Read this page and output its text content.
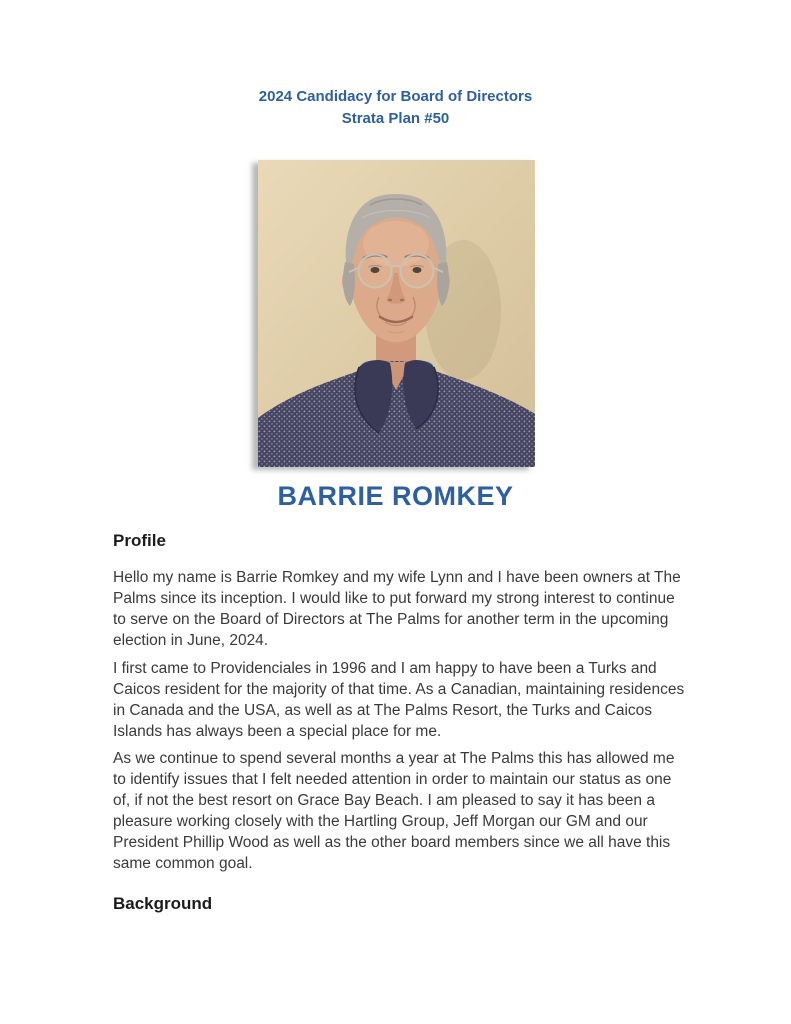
2024 Candidacy for Board of Directors
Strata Plan #50
BARRIE ROMKEY
Profile

Hello my name is Barrie Romkey and my wife Lynn and I have been owners at The Palms since its inception. I would like to put forward my strong interest to continue to serve on the Board of Directors at The Palms for another term in the upcoming election in June, 2024.

I first came to Providenciales in 1996 and I am happy to have been a Turks and Caicos resident for the majority of that time. As a Canadian, maintaining residences in Canada and the USA, as well as at The Palms Resort, the Turks and Caicos Islands has always been a special place for me.

As we continue to spend several months a year at The Palms this has allowed me to identify issues that I felt needed attention in order to maintain our status as one of, if not the best resort on Grace Bay Beach. I am pleased to say it has been a pleasure working closely with the Hartling Group, Jeff Morgan our GM and our President Phillip Wood as well as the other board members since we all have this same common goal.

Background
